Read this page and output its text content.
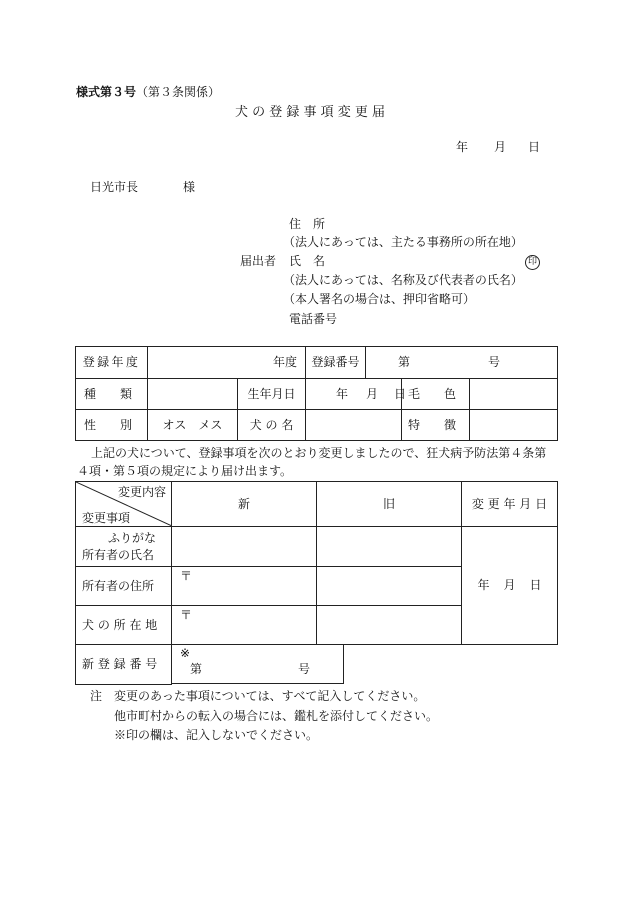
様式第３号（第３条関係）
犬 の 登 録 事 項 変 更 届
年 月 日
日光市長	様
住　所
（法人にあっては、主たる事務所の所在地）
届出者 氏　名	印
（法人にあっては、名称及び代表者の氏名）
（本人署名の場合は、押印省略可）
電話番号
登録年度	年度		登録番号	第 号		
種　　類		生年月日	年 月 日		毛　　色	
性　　別	オス　メス	犬 の 名			特　　徴	
上記の犬について、登録事項を次のとおり変更しましたので、狂犬病予防法第４条第
４項・第５項の規定により届け出ます。
変更内容
変更事項	新	旧	変 更 年 月 日

ふりがな
所有者の氏名			年 月 日
所有者の住所	〒		
犬 の 所 在 地	〒		
新 登 録 番 号	※
第 号		

注 変更のあった事項については、すべて記入してください。
他市町村からの転入の場合には、鑑札を添付してください。
※印の欄は、記入しないでください。
